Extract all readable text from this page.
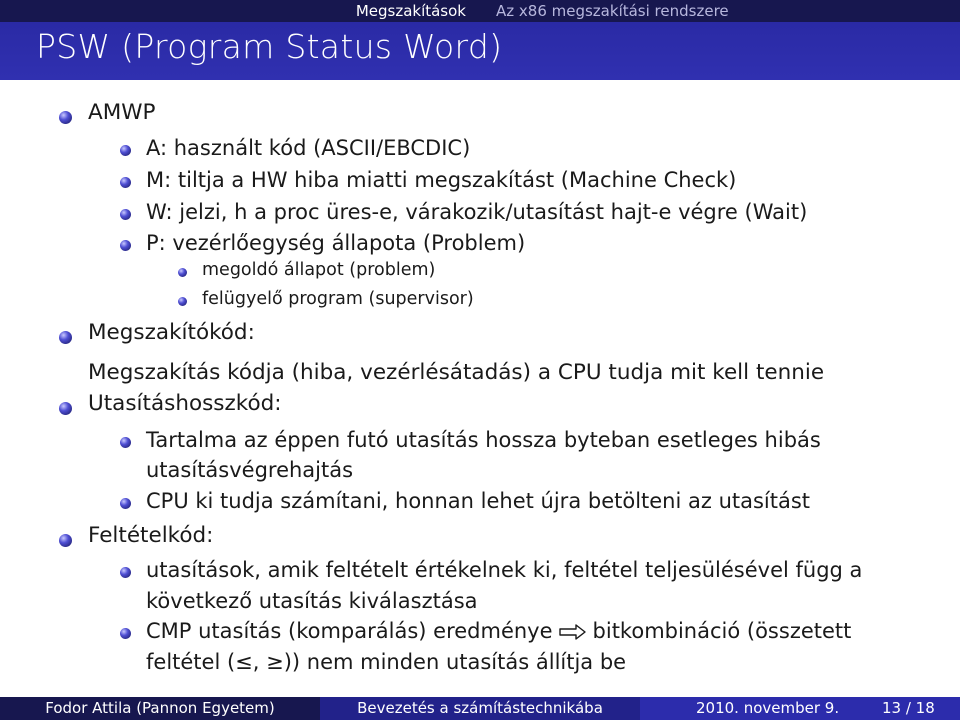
Megszakítások Az x86 megszakítási rendszere
PSW (Program Status Word)
AMWP
A: használt kód (ASCII/EBCDIC)
M: tiltja a HW hiba miatti megszakítást (Machine Check)
W: jelzi, h a proc üres-e, várakozik/utasítást hajt-e végre (Wait)
P: vezérlőegység állapota (Problem)
megoldó állapot (problem)
felügyelő program (supervisor)
Megszakítókód:
Megszakítás kódja (hiba, vezérlésátadás) a CPU tudja mit kell tennie
Utasításhosszkód:
Tartalma az éppen futó utasítás hossza byteban esetleges hibás
utasításvégrehajtás
CPU ki tudja számítani, honnan lehet újra betölteni az utasítást
Feltételkód:
utasítások, amik feltételt értékelnek ki, feltétel teljesülésével függ a
következő utasítás kiválasztása
CMP utasítás (komparálás) eredménye bitkombináció (összetett
feltétel (≤, ≥)) nem minden utasítás állítja be
Fodor Attila (Pannon Egyetem)	Bevezetés a számítástechnikába	2010. november 9.	13 / 18
